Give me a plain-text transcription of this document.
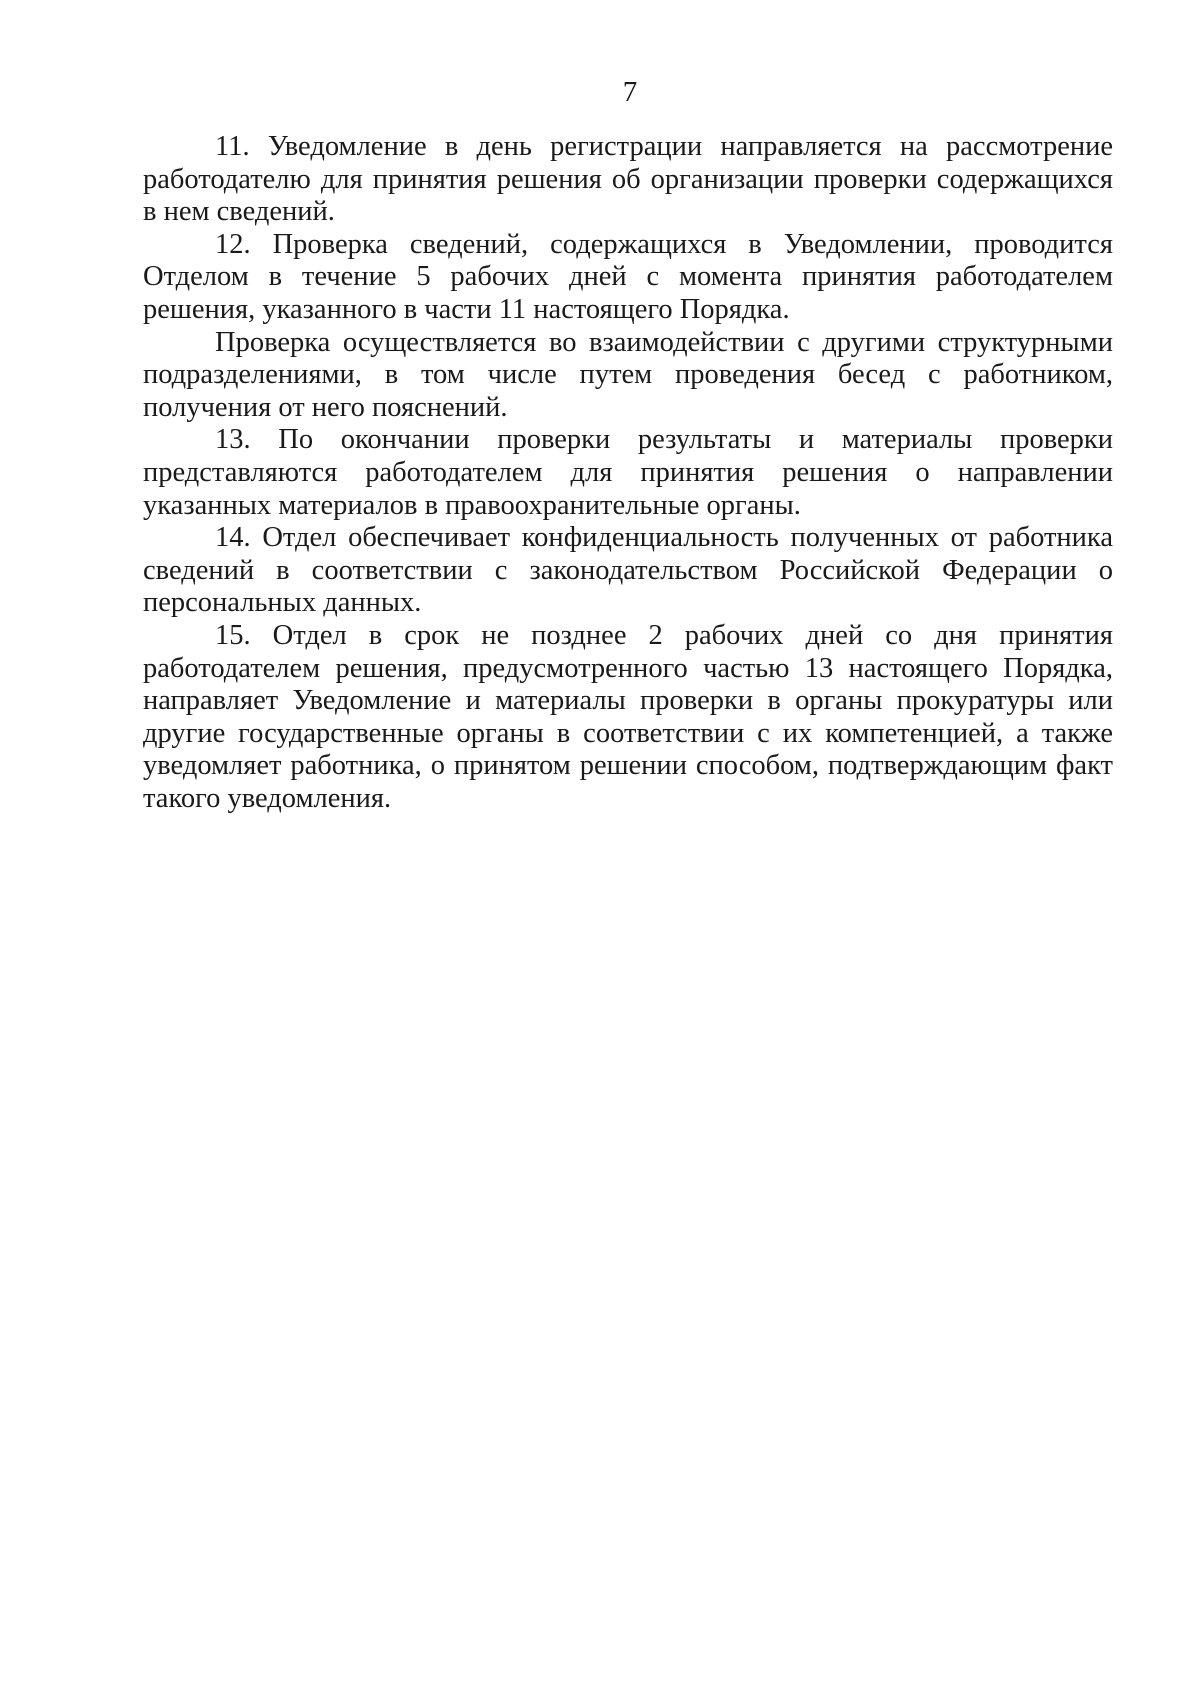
7

11. Уведомление в день регистрации направляется на рассмотрение работодателю для принятия решения об организации проверки содержащихся в нем сведений.

12. Проверка сведений, содержащихся в Уведомлении, проводится Отделом в течение 5 рабочих дней с момента принятия работодателем решения, указанного в части 11 настоящего Порядка.

Проверка осуществляется во взаимодействии с другими структурными подразделениями, в том числе путем проведения бесед с работником, получения от него пояснений.

13. По окончании проверки результаты и материалы проверки представляются работодателем для принятия решения о направлении указанных материалов в правоохранительные органы.

14. Отдел обеспечивает конфиденциальность полученных от работника сведений в соответствии с законодательством Российской Федерации о персональных данных.

15. Отдел в срок не позднее 2 рабочих дней со дня принятия работодателем решения, предусмотренного частью 13 настоящего Порядка, направляет Уведомление и материалы проверки в органы прокуратуры или другие государственные органы в соответствии с их компетенцией, а также уведомляет работника, о принятом решении способом, подтверждающим факт такого уведомления.
